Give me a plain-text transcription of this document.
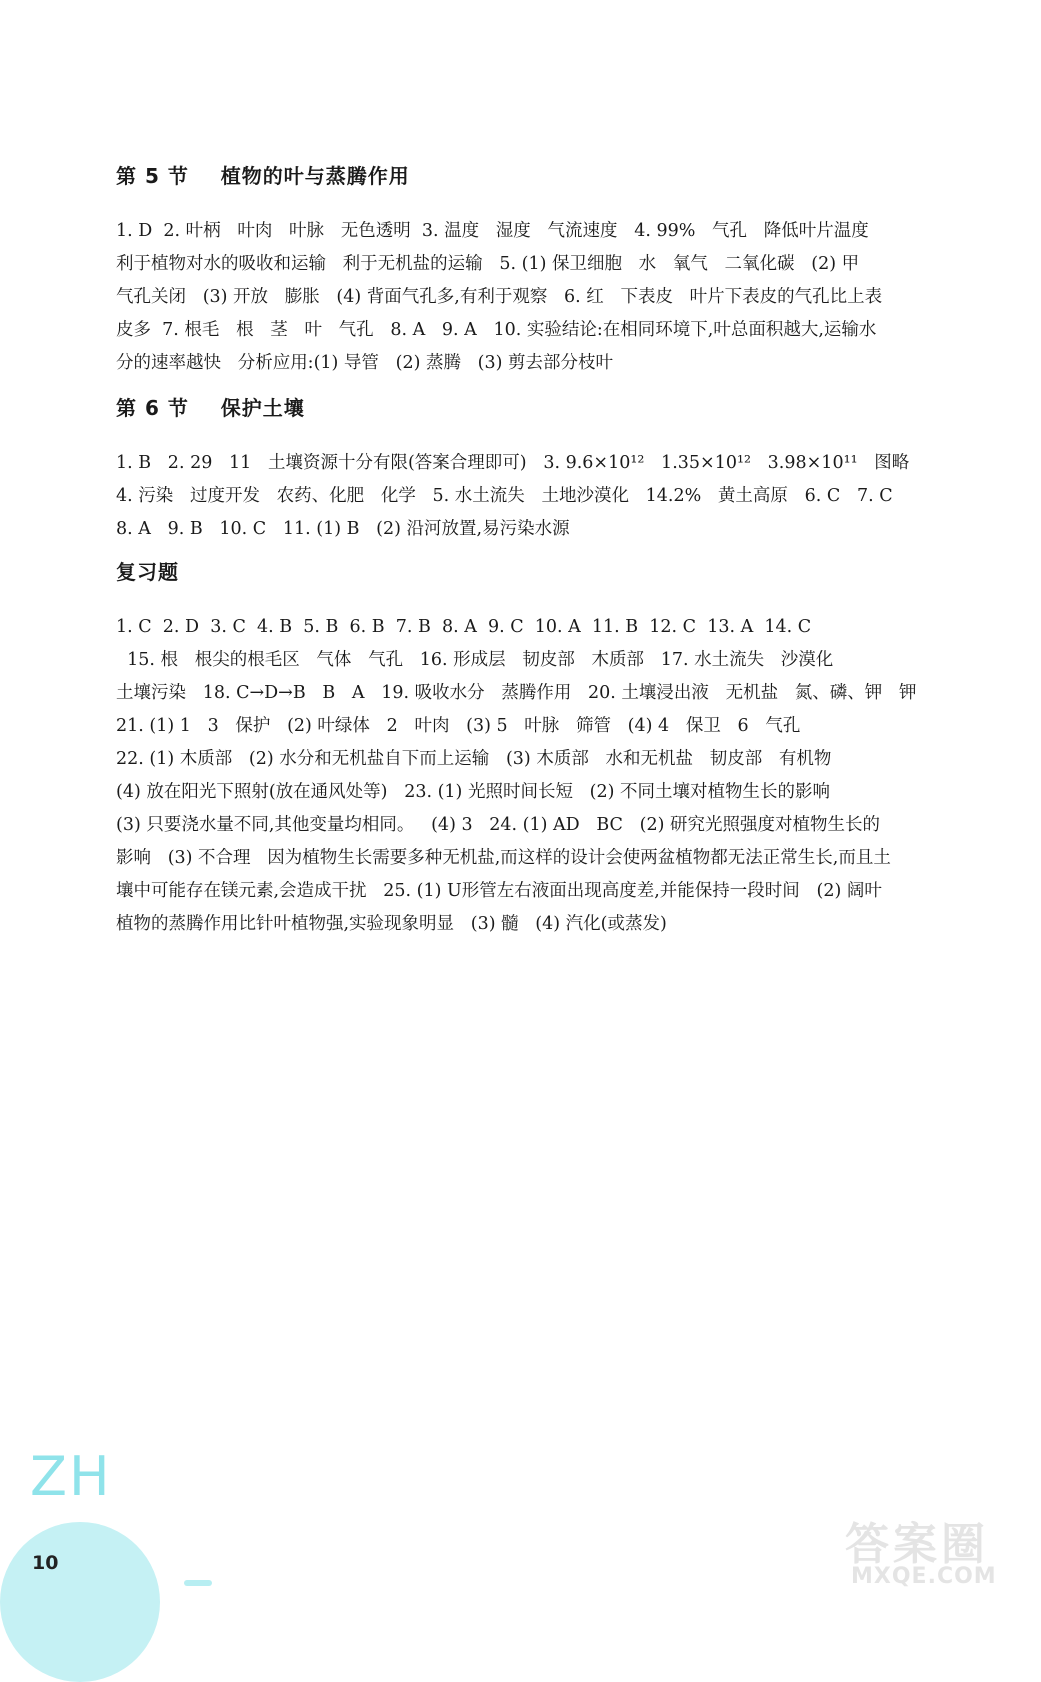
第 5 节    植物的叶与蒸腾作用

1. D  2. 叶柄   叶肉   叶脉   无色透明  3. 温度   湿度   气流速度   4. 99%   气孔   降低叶片温度

利于植物对水的吸收和运输   利于无机盐的运输   5. (1) 保卫细胞   水   氧气   二氧化碳   (2) 甲

气孔关闭   (3) 开放   膨胀   (4) 背面气孔多,有利于观察   6. 红   下表皮   叶片下表皮的气孔比上表

皮多  7. 根毛   根   茎   叶   气孔   8. A   9. A   10. 实验结论:在相同环境下,叶总面积越大,运输水

分的速率越快   分析应用:(1) 导管   (2) 蒸腾   (3) 剪去部分枝叶

第 6 节    保护土壤

1. B   2. 29   11   土壤资源十分有限(答案合理即可)   3. 9.6×10¹²   1.35×10¹²   3.98×10¹¹   图略

4. 污染   过度开发   农药、化肥   化学   5. 水土流失   土地沙漠化   14.2%   黄土高原   6. C   7. C

8. A   9. B   10. C   11. (1) B   (2) 沿河放置,易污染水源

复习题

1. C  2. D  3. C  4. B  5. B  6. B  7. B  8. A  9. C  10. A  11. B  12. C  13. A  14. C

15. 根   根尖的根毛区   气体   气孔   16. 形成层   韧皮部   木质部   17. 水土流失   沙漠化

土壤污染   18. C→D→B   B   A   19. 吸收水分   蒸腾作用   20. 土壤浸出液   无机盐   氮、磷、钾   钾

21. (1) 1   3   保护   (2) 叶绿体   2   叶肉   (3) 5   叶脉   筛管   (4) 4   保卫   6   气孔

22. (1) 木质部   (2) 水分和无机盐自下而上运输   (3) 木质部   水和无机盐   韧皮部   有机物

(4) 放在阳光下照射(放在通风处等)   23. (1) 光照时间长短   (2) 不同土壤对植物生长的影响

(3) 只要浇水量不同,其他变量均相同。   (4) 3   24. (1) AD   BC   (2) 研究光照强度对植物生长的

影响   (3) 不合理   因为植物生长需要多种无机盐,而这样的设计会使两盆植物都无法正常生长,而且土

壤中可能存在镁元素,会造成干扰   25. (1) U形管左右液面出现高度差,并能保持一段时间   (2) 阔叶

植物的蒸腾作用比针叶植物强,实验现象明显   (3) 髓   (4) 汽化(或蒸发)

ZH
10	答案圈
MXQE.COM
